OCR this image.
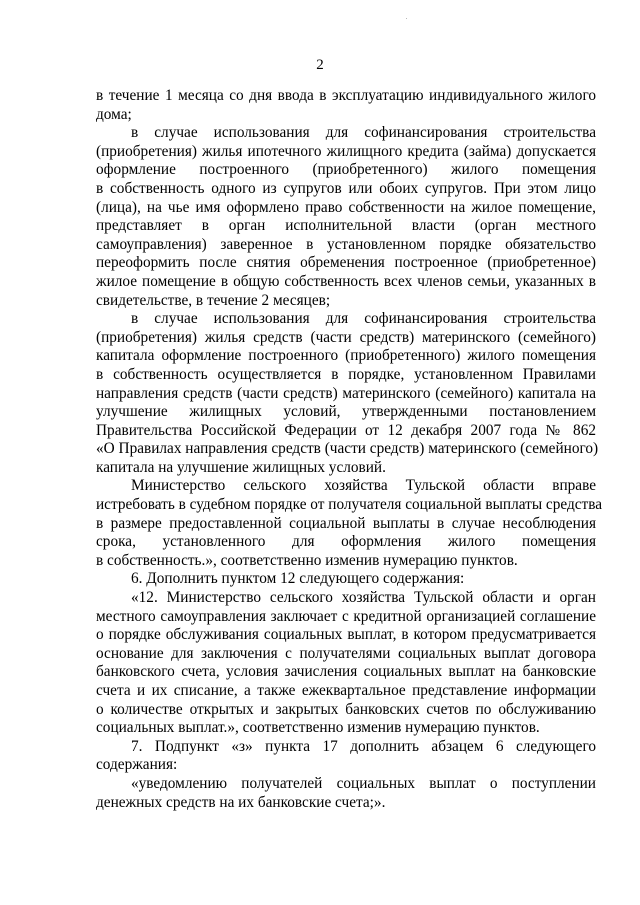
2
в течение 1 месяца со дня ввода в эксплуатацию индивидуального жилого
дома;
в случае использования для софинансирования строительства
(приобретения) жилья ипотечного жилищного кредита (займа) допускается
оформление построенного (приобретенного) жилого помещения
в собственность одного из супругов или обоих супругов. При этом лицо
(лица), на чье имя оформлено право собственности на жилое помещение,
представляет в орган исполнительной власти (орган местного
самоуправления) заверенное в установленном порядке обязательство
переоформить после снятия обременения построенное (приобретенное)
жилое помещение в общую собственность всех членов семьи, указанных в
свидетельстве, в течение 2 месяцев;
в случае использования для софинансирования строительства
(приобретения) жилья средств (части средств) материнского (семейного)
капитала оформление построенного (приобретенного) жилого помещения
в собственность осуществляется в порядке, установленном Правилами
направления средств (части средств) материнского (семейного) капитала на
улучшение жилищных условий, утвержденными постановлением
Правительства Российской Федерации от 12 декабря 2007 года № 862
«О Правилах направления средств (части средств) материнского (семейного)
капитала на улучшение жилищных условий.
Министерство сельского хозяйства Тульской области вправе
истребовать в судебном порядке от получателя социальной выплаты средства
в размере предоставленной социальной выплаты в случае несоблюдения
срока, установленного для оформления жилого помещения
в собственность.», соответственно изменив нумерацию пунктов.
6. Дополнить пунктом 12 следующего содержания:
«12. Министерство сельского хозяйства Тульской области и орган
местного самоуправления заключает с кредитной организацией соглашение
о порядке обслуживания социальных выплат, в котором предусматривается
основание для заключения с получателями социальных выплат договора
банковского счета, условия зачисления социальных выплат на банковские
счета и их списание, а также ежеквартальное представление информации
о количестве открытых и закрытых банковских счетов по обслуживанию
социальных выплат.», соответственно изменив нумерацию пунктов.
7. Подпункт «з» пункта 17 дополнить абзацем 6 следующего
содержания:
«уведомлению получателей социальных выплат о поступлении
денежных средств на их банковские счета;».
